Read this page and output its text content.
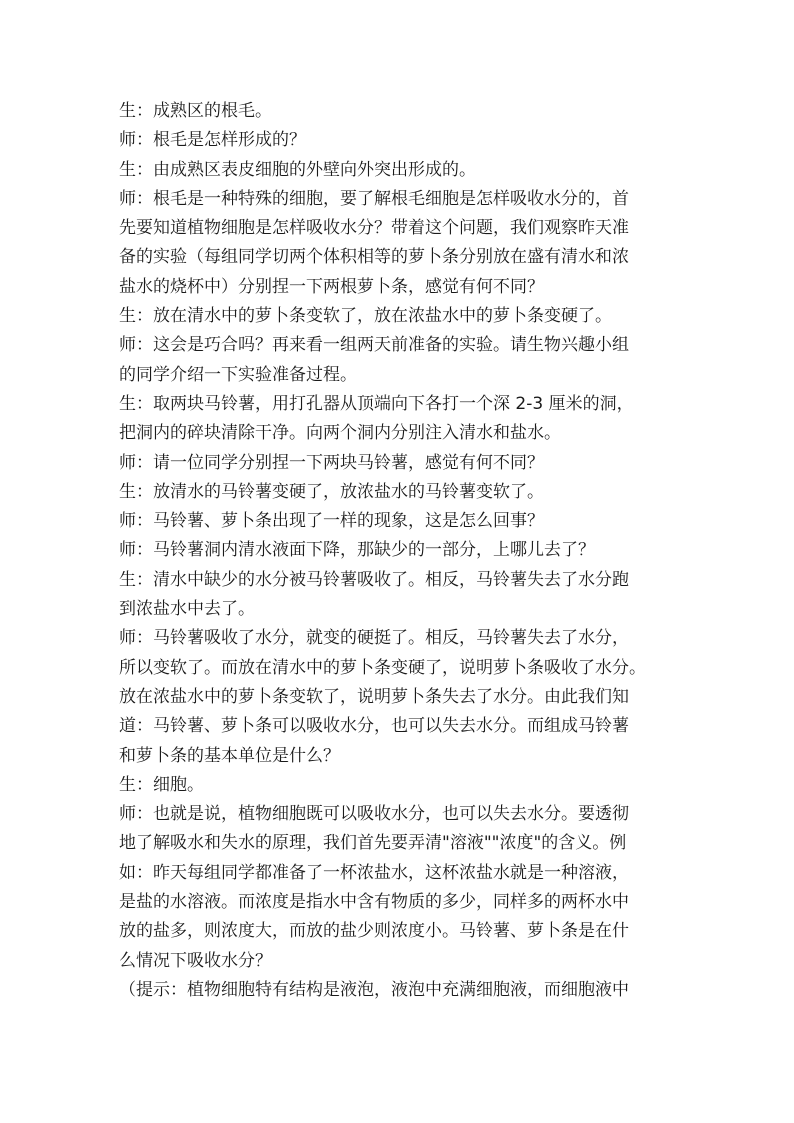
生：成熟区的根毛。
师：根毛是怎样形成的？
生：由成熟区表皮细胞的外壁向外突出形成的。
师：根毛是一种特殊的细胞，要了解根毛细胞是怎样吸收水分的，首
先要知道植物细胞是怎样吸收水分？带着这个问题，我们观察昨天准
备的实验（每组同学切两个体积相等的萝卜条分别放在盛有清水和浓
盐水的烧杯中）分别捏一下两根萝卜条，感觉有何不同？
生：放在清水中的萝卜条变软了，放在浓盐水中的萝卜条变硬了。
师：这会是巧合吗？再来看一组两天前准备的实验。请生物兴趣小组
的同学介绍一下实验准备过程。
生：取两块马铃薯，用打孔器从顶端向下各打一个深 2-3 厘米的洞，
把洞内的碎块清除干净。向两个洞内分别注入清水和盐水。
师：请一位同学分别捏一下两块马铃薯，感觉有何不同？
生：放清水的马铃薯变硬了，放浓盐水的马铃薯变软了。
师：马铃薯、萝卜条出现了一样的现象，这是怎么回事？
师：马铃薯洞内清水液面下降，那缺少的一部分，上哪儿去了？
生：清水中缺少的水分被马铃薯吸收了。相反，马铃薯失去了水分跑
到浓盐水中去了。
师：马铃薯吸收了水分，就变的硬挺了。相反，马铃薯失去了水分，
所以变软了。而放在清水中的萝卜条变硬了，说明萝卜条吸收了水分。
放在浓盐水中的萝卜条变软了，说明萝卜条失去了水分。由此我们知
道：马铃薯、萝卜条可以吸收水分，也可以失去水分。而组成马铃薯
和萝卜条的基本单位是什么？
生：细胞。
师：也就是说，植物细胞既可以吸收水分，也可以失去水分。要透彻
地了解吸水和失水的原理，我们首先要弄清"溶液""浓度"的含义。例
如：昨天每组同学都准备了一杯浓盐水，这杯浓盐水就是一种溶液，
是盐的水溶液。而浓度是指水中含有物质的多少，同样多的两杯水中
放的盐多，则浓度大，而放的盐少则浓度小。马铃薯、萝卜条是在什
么情况下吸收水分？
（提示：植物细胞特有结构是液泡，液泡中充满细胞液，而细胞液中
